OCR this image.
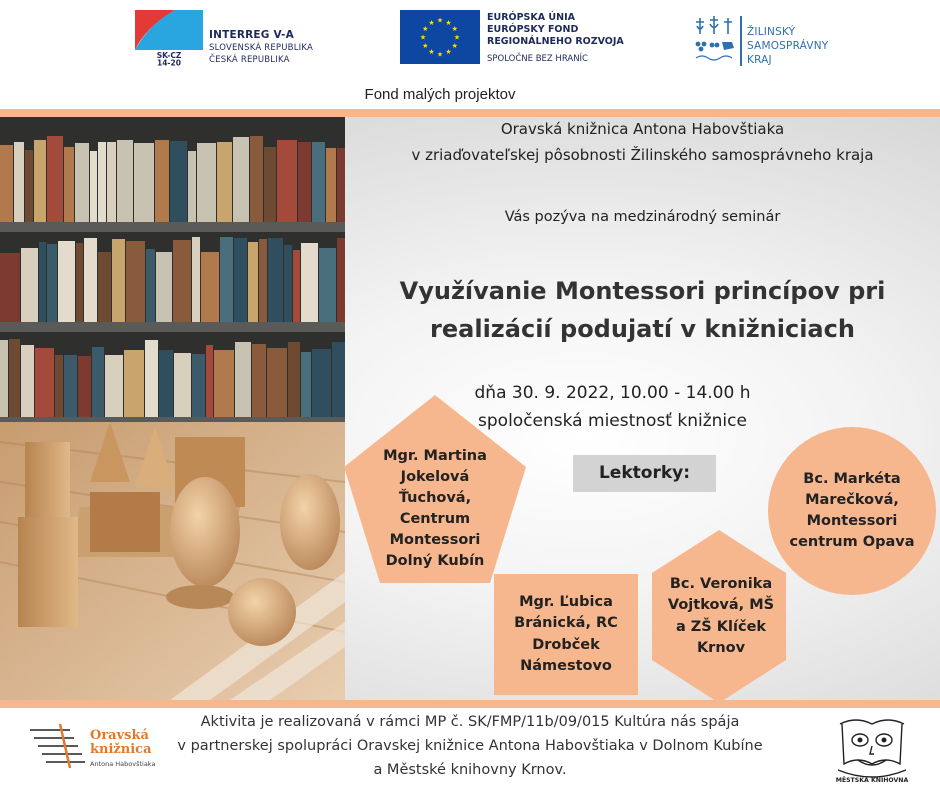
SK-CZ
14-20
INTERREG V-A
SLOVENSKÁ REPUBLIKA
ČESKÁ REPUBLIKA
★ ★
★
★
★
★
★
★
★
★
★
★	EURÓPSKA ÚNIA
EURÓPSKY FOND
REGIONÁLNEHO ROZVOJA
SPOLOČNE BEZ HRANÍC
ŽILINSKÝ
SAMOSPRÁVNY
KRAJ
Fond malých projektov
Oravská knižnica Antona Habovštiaka
v zriaďovateľskej pôsobnosti Žilinského samosprávneho kraja
Vás pozýva na medzinárodný seminár
Využívanie Montessori princípov pri
realizácií podujatí v knižniciach
dňa 30. 9. 2022, 10.00 - 14.00 h
spoločenská miestnosť knižnice
Lektorky:
Mgr. Martina
Jokelová
Ťuchová,
Centrum
Montessori
Dolný Kubín
Mgr. Ľubica
Bránická, RC
Drobček
Námestovo
Bc. Veronika
Vojtková, MŠ
a ZŠ Klíček
Krnov
Bc. Markéta
Marečková,
Montessori
centrum Opava
Oravská
knižnica
Antona Habovštiaka
Aktivita je realizovaná v rámci MP č. SK/FMP/11b/09/015 Kultúra nás spája
v partnerskej spolupráci Oravskej knižnice Antona Habovštiaka v Dolnom Kubíne
a Městské knihovny Krnov.
MĚSTSKÁ KNIHOVNA
